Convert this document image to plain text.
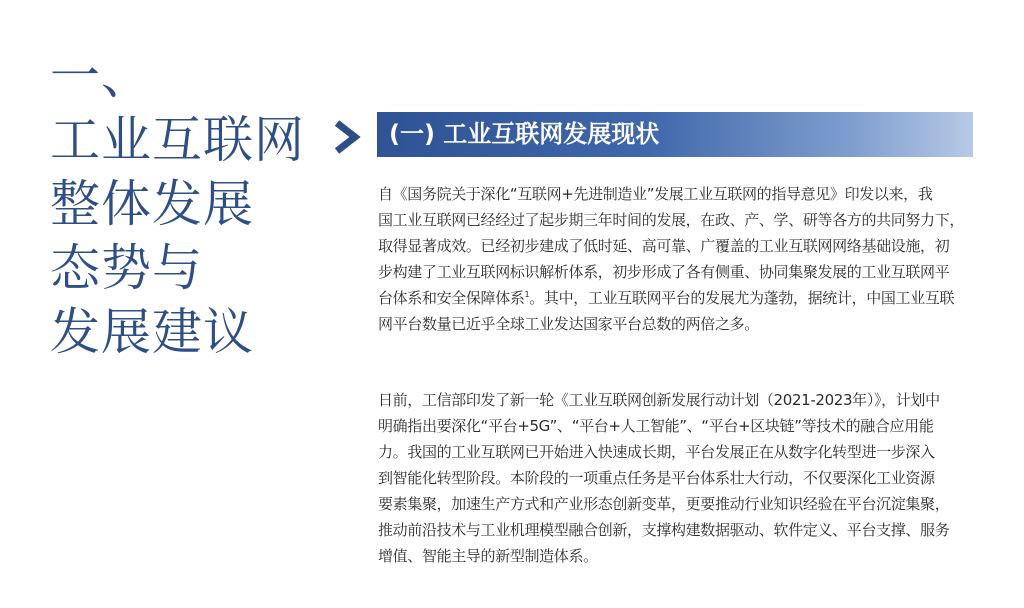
一、
工业互联网
整体发展
态势与
发展建议
(一) 工业互联网发展现状
自《国务院关于深化“互联网+先进制造业”发展工业互联网的指导意见》印发以来，我
国工业互联网已经经过了起步期三年时间的发展，在政、产、学、研等各方的共同努力下，
取得显著成效。已经初步建成了低时延、高可靠、广覆盖的工业互联网网络基础设施，初
步构建了工业互联网标识解析体系，初步形成了各有侧重、协同集聚发展的工业互联网平
台体系和安全保障体系$^1$。其中，工业互联网平台的发展尤为蓬勃，据统计，中国工业互联
网平台数量已近乎全球工业发达国家平台总数的两倍之多。
日前，工信部印发了新一轮《工业互联网创新发展行动计划（2021-2023年）》，计划中
明确指出要深化“平台+5G”、“平台+人工智能”、“平台+区块链”等技术的融合应用能
力。我国的工业互联网已开始进入快速成长期，平台发展正在从数字化转型进一步深入
到智能化转型阶段。本阶段的一项重点任务是平台体系壮大行动，不仅要深化工业资源
要素集聚，加速生产方式和产业形态创新变革，更要推动行业知识经验在平台沉淀集聚，
推动前沿技术与工业机理模型融合创新，支撑构建数据驱动、软件定义、平台支撑、服务
增值、智能主导的新型制造体系。
